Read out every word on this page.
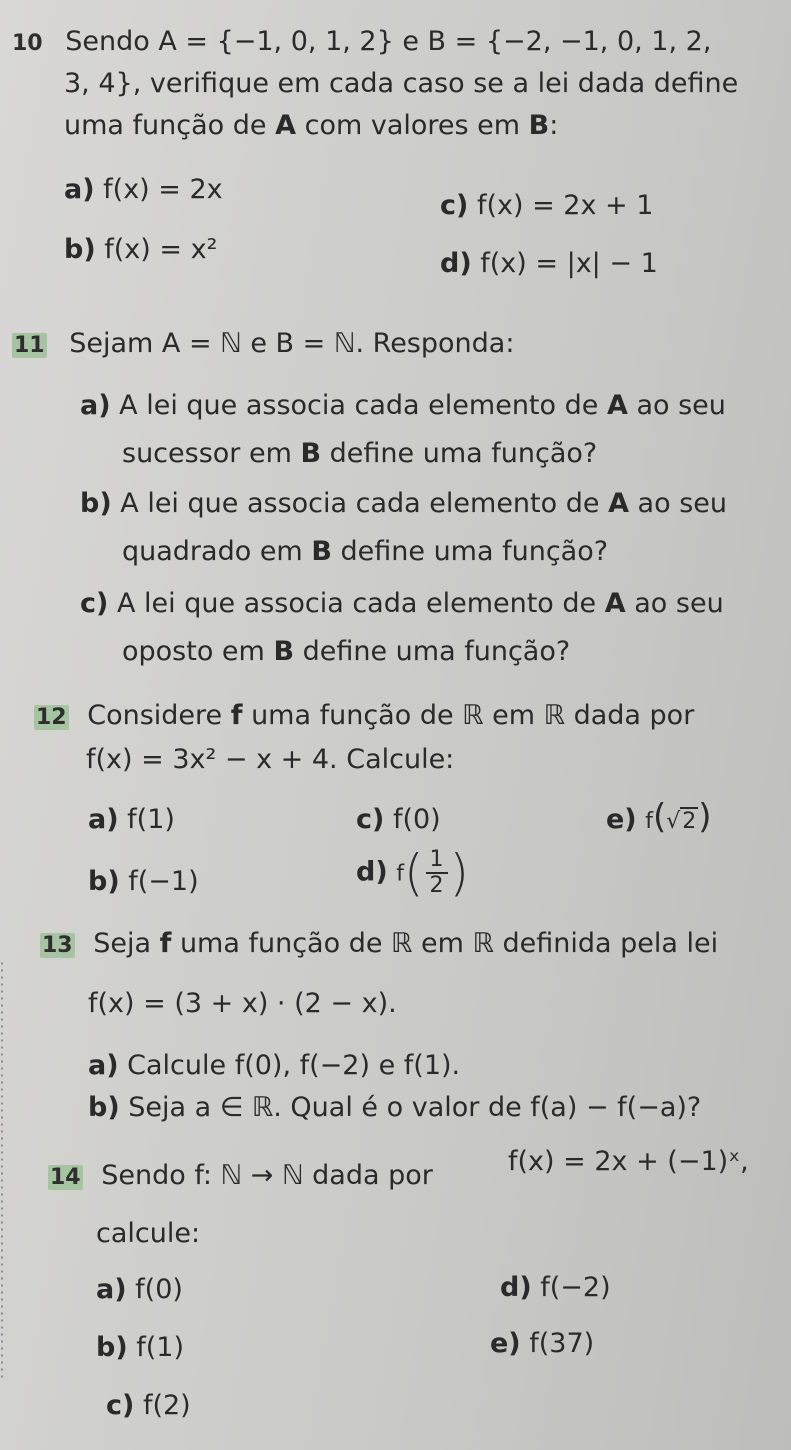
10 Sendo A = {−1, 0, 1, 2} e B = {−2, −1, 0, 1, 2,
3, 4}, verifique em cada caso se a lei dada define
uma função de A com valores em B:
a) f(x) = 2x
b) f(x) = x²
c) f(x) = 2x + 1
d) f(x) = |x| − 1
11 Sejam A = ℕ e B = ℕ. Responda:
a) A lei que associa cada elemento de A ao seu
sucessor em B define uma função?
b) A lei que associa cada elemento de A ao seu
quadrado em B define uma função?
c) A lei que associa cada elemento de A ao seu
oposto em B define uma função?
12 Considere f uma função de ℝ em ℝ dada por
f(x) = 3x² − x + 4. Calcule:
a) f(1)
b) f(−1)
c) f(0)
d) $f( \frac{1}{2}$ )
e) f(√2)
13 Seja f uma função de ℝ em ℝ definida pela lei
f(x) = (3 + x) · (2 − x).
a) Calcule f(0), f(−2) e f(1).
b) Seja a ∈ ℝ. Qual é o valor de f(a) − f(−a)?
14 Sendo f: ℕ → ℕ dada por	f(x) = 2x + (−1)ˣ,
calcule:
a) f(0)
b) f(1)
c) f(2)
d) f(−2)
e) f(37)
